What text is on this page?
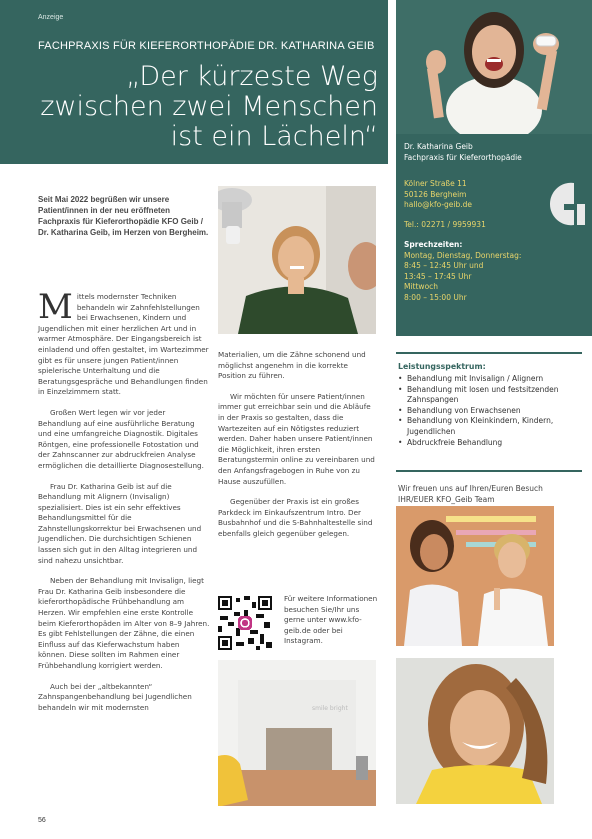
Anzeige
FACHPRAXIS FÜR KIEFERORTHOPÄDIE DR. KATHARINA GEIB
„Der kürzeste Weg
zwischen zwei Menschen
ist ein Lächeln“	Dr. Katharina Geib
Fachpraxis für Kieferorthopädie
Kölner Straße 11
50126 Bergheim
hallo@kfo-geib.de
Tel.: 02271 / 9959931
Sprechzeiten:
Montag, Dienstag, Donnerstag:
8:45 – 12:45 Uhr und
13:45 – 17:45 Uhr
Mittwoch
8:00 – 15:00 Uhr
Seit Mai 2022 begrüßen wir unsere Patient/innen in der neu eröffneten Fachpraxis für Kieferorthopädie KFO Geib / Dr. Katharina Geib, im Herzen von Bergheim.

Mittels modernster Techniken behandeln wir Zahnfehlstellungen bei Erwachsenen, Kindern und Jugendlichen mit einer herzlichen Art und in warmer Atmosphäre. Der Eingangsbereich ist einladend und offen gestaltet, im Wartezimmer gibt es für unsere jungen Patient/innen spielerische Unterhaltung und die Beratungsgespräche und Behandlungen finden in Einzelzimmern statt.

Großen Wert legen wir vor jeder Behandlung auf eine ausführliche Beratung und eine umfangreiche Diagnostik. Digitales Röntgen, eine professionelle Fotostation und der Zahnscanner zur abdruckfreien Analyse ermöglichen die detaillierte Diagnosestellung.

Frau Dr. Katharina Geib ist auf die Behandlung mit Alignern (Invisalign) spezialisiert. Dies ist ein sehr effektives Behandlungsmittel für die Zahnstellungskorrektur bei Erwachsenen und Jugendlichen. Die durchsichtigen Schienen lassen sich gut in den Alltag integrieren und sind nahezu unsichtbar.

Neben der Behandlung mit Invisalign, liegt Frau Dr. Katharina Geib insbesondere die kieferorthopädische Frühbehandlung am Herzen. Wir empfehlen eine erste Kontrolle beim Kieferorthopäden im Alter von 8–9 Jahren. Es gibt Fehlstellungen der Zähne, die einen Einfluss auf das Kieferwachstum haben können. Diese sollten im Rahmen einer Frühbehandlung korrigiert werden.

Auch bei der „altbekannten“ Zahnspangenbehandlung bei Jugendlichen behandeln wir mit modernsten

Materialien, um die Zähne schonend und möglichst angenehm in die korrekte Position zu führen.

Wir möchten für unsere Patient/innen immer gut erreichbar sein und die Abläufe in der Praxis so gestalten, dass die Wartezeiten auf ein Nötigstes reduziert werden. Daher haben unsere Patient/innen die Möglichkeit, ihren ersten Beratungstermin online zu vereinbaren und den Anfangsfragebogen in Ruhe von zu Hause auszufüllen.

Gegenüber der Praxis ist ein großes Parkdeck im Einkaufszentrum Intro. Der Busbahnhof und die S-Bahnhaltestelle sind ebenfalls gleich gegenüber gelegen.

Für weitere Informationen besuchen Sie/Ihr uns gerne unter www.kfo-geib.de oder bei Instagram.
smile bright
Leistungsspektrum:
• Behandlung mit Invisalign / Alignern
• Behandlung mit losen und festsitzenden Zahnspangen
• Behandlung von Erwachsenen
• Behandlung von Kleinkindern, Kindern, Jugendlichen
• Abdruckfreie Behandlung
Wir freuen uns auf Ihren/Euren Besuch IHR/EUER KFO_Geib Team
56
